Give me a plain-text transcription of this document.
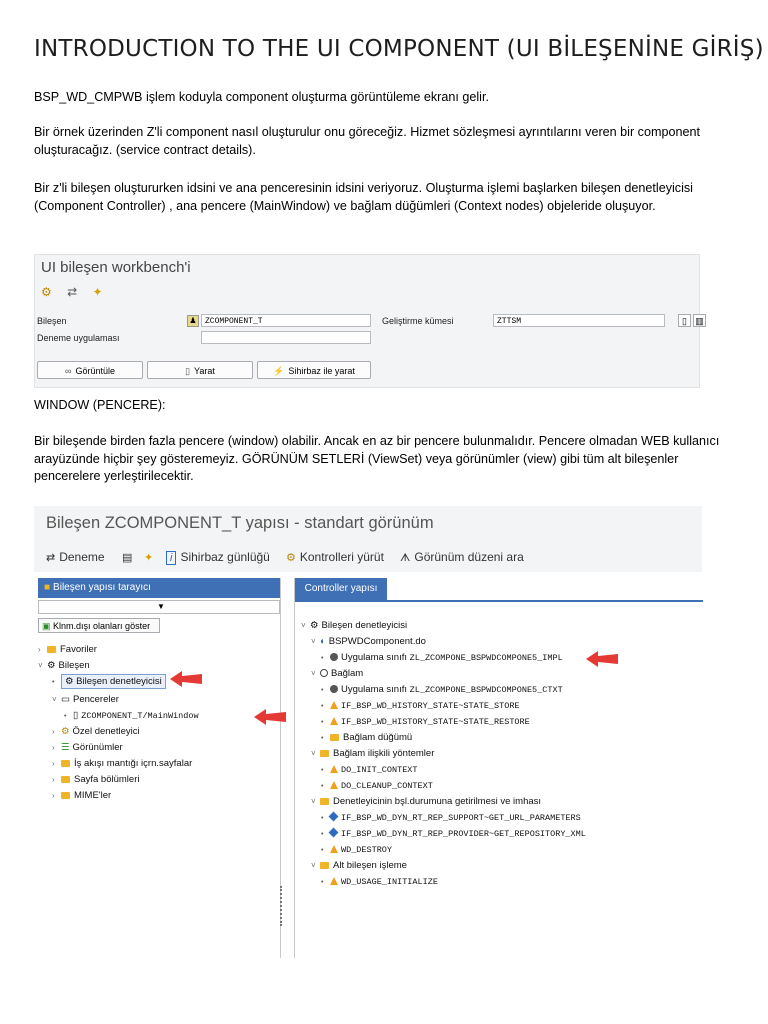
INTRODUCTION TO THE UI COMPONENT (UI BİLEŞENİNE GİRİŞ)

BSP_WD_CMPWB işlem koduyla component oluşturma görüntüleme ekranı gelir.

Bir örnek üzerinden Z'li component nasıl oluşturulur onu göreceğiz. Hizmet sözleşmesi ayrıntılarını veren bir component oluşturacağız. (service contract details).

Bir z'li bileşen oluştururken idsini ve ana penceresinin idsini veriyoruz. Oluşturma işlemi başlarken bileşen denetleyicisi (Component Controller) , ana pencere (MainWindow) ve bağlam düğümleri (Context nodes) objeleride oluşuyor.

UI bileşen workbench'i
⚙ ⇄ ✦
Bileşen	♟	ZCOMPONENT_T	Geliştirme kümesi	ZTTSM	▯ ▥
Deneme uygulaması
∞ Görüntüle	▯ Yarat	⚡ Sihirbaz ile yarat

WINDOW (PENCERE):

Bir bileşende birden fazla pencere (window) olabilir. Ancak en az bir pencere bulunmalıdır. Pencere olmadan WEB kullanıcı arayüzünde hiçbir şey gösteremeyiz. GÖRÜNÜM SETLERİ (ViewSet) veya görünümler (view) gibi tüm alt bileşenler pencerelere yerleştirilecektir.

Bileşen ZCOMPONENT_T yapısı - standart görünüm
⇄ Deneme ▤	✦	i Sihirbaz günlüğü ⚙ Kontrolleri yürüt ᗑ Görünüm düzeni ara
■ Bileşen yapısı tarayıcı
▼
▣ Klnm.dışı olanları göster
› Favoriler
˅ ⚙ Bileşen
• ⚙ Bileşen denetleyicisi
˅ ▭ Pencereler
• ▯ ZCOMPONENT_T/MainWindow
› ⚙ Özel denetleyici
› ☰ Görünümler
› İş akışı mantığı içrn.sayfalar
› Sayfa bölümleri
› MIME'ler
Controller yapısı
˅ ⚙ Bileşen denetleyicisi
˅ ◐ BSPWDComponent.do
• Uygulama sınıfı ZL_ZCOMPONE_BSPWDCOMPONE5_IMPL
˅ Bağlam
• Uygulama sınıfı ZL_ZCOMPONE_BSPWDCOMPONE5_CTXT
• IF_BSP_WD_HISTORY_STATE~STATE_STORE
• IF_BSP_WD_HISTORY_STATE~STATE_RESTORE
• Bağlam düğümü
˅ Bağlam ilişkili yöntemler
• DO_INIT_CONTEXT
• DO_CLEANUP_CONTEXT
˅ Denetleyicinin bşl.durumuna getirilmesi ve imhası
• IF_BSP_WD_DYN_RT_REP_SUPPORT~GET_URL_PARAMETERS
• IF_BSP_WD_DYN_RT_REP_PROVIDER~GET_REPOSITORY_XML
• WD_DESTROY
˅ Alt bileşen işleme
• WD_USAGE_INITIALIZE
